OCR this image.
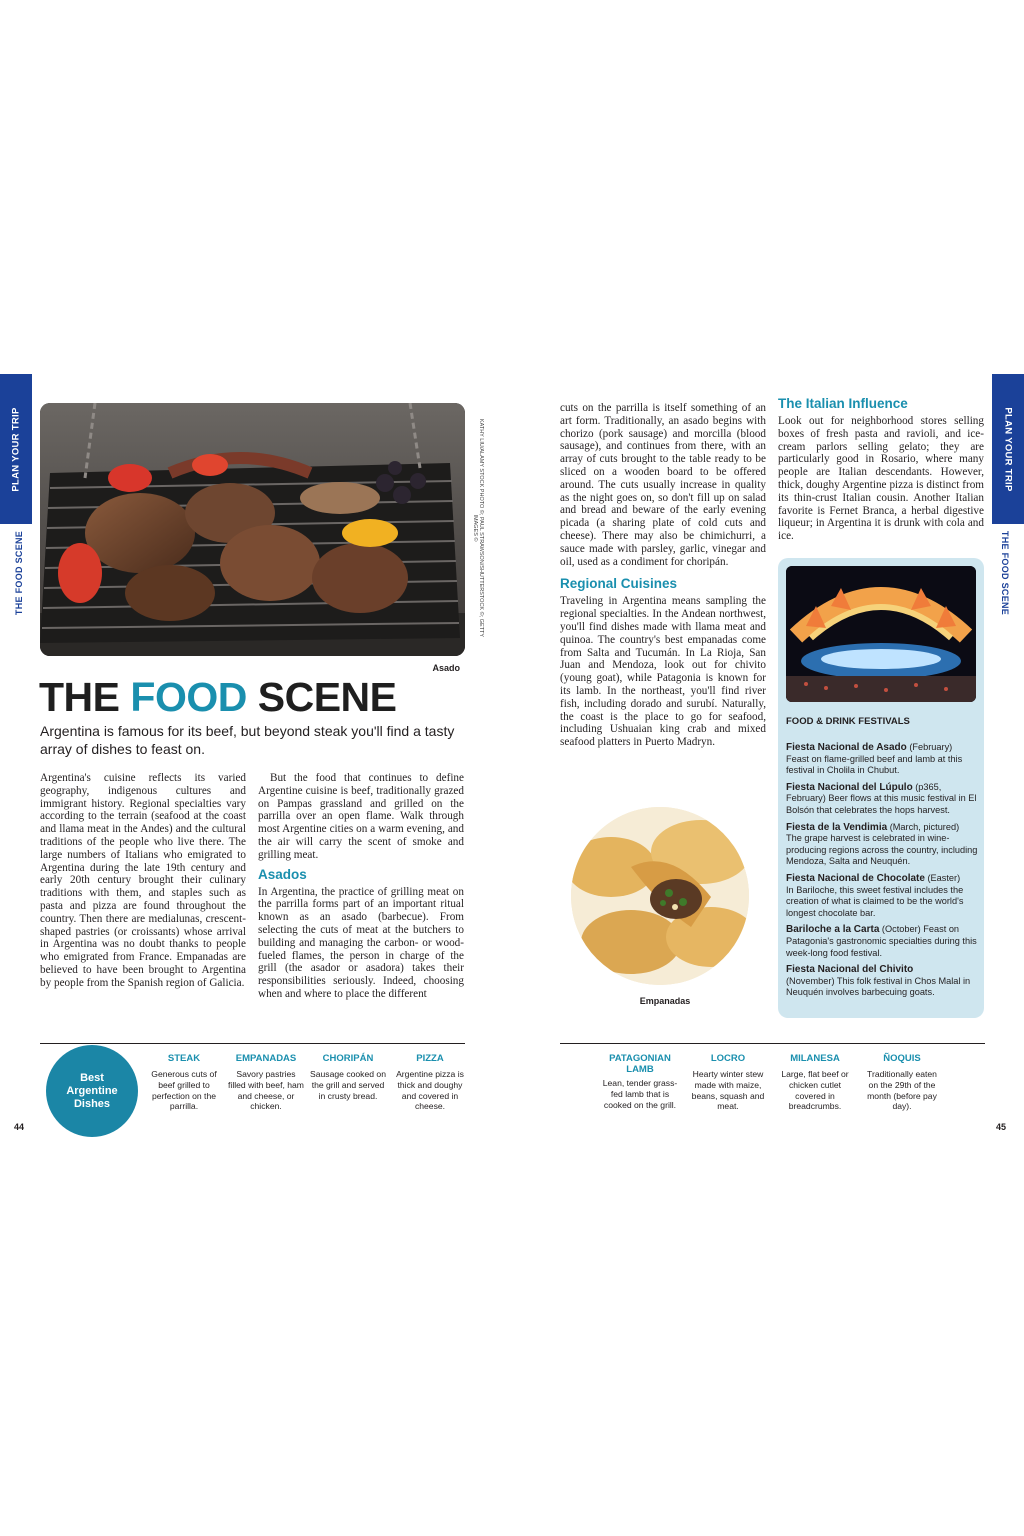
PLAN YOUR TRIP
THE FOOD SCENE	KATHY LIU/ALAMY STOCK PHOTO ©; PAUL STRAWSON/SHUTTERSTOCK ©; GETTY IMAGES ©
Asado
THE FOOD SCENE
Argentina is famous for its beef, but beyond steak you'll find a tasty array of dishes to feast on.

Argentina's cuisine reflects its varied geography, indigenous cultures and immigrant history. Regional specialties vary according to the terrain (seafood at the coast and llama meat in the Andes) and the cultural traditions of the people who live there. The large numbers of Italians who emigrated to Argentina during the late 19th century and early 20th century brought their culinary traditions with them, and staples such as pasta and pizza are found throughout the country. Then there are medialunas, crescent-shaped pastries (or croissants) whose arrival in Argentina was no doubt thanks to people who emigrated from France. Empanadas are believed to have been brought to Argentina by people from the Spanish region of Galicia.

But the food that continues to define Argentine cuisine is beef, traditionally grazed on Pampas grassland and grilled on the parrilla over an open flame. Walk through most Argentine cities on a warm evening, and the air will carry the scent of smoke and grilling meat.

Asados

In Argentina, the practice of grilling meat on the parrilla forms part of an important ritual known as an asado (barbecue). From selecting the cuts of meat at the butchers to building and managing the carbon- or wood-fueled flames, the person in charge of the grill (the asador or asadora) takes their responsibilities seriously. Indeed, choosing when and where to place the different

Best Argentine Dishes
STEAK
Generous cuts of beef grilled to perfection on the parrilla.
EMPANADAS
Savory pastries filled with beef, ham and cheese, or chicken.
CHORIPÁN
Sausage cooked on the grill and served in crusty bread.
PIZZA
Argentine pizza is thick and doughy and covered in cheese.
44

cuts on the parrilla is itself something of an art form. Traditionally, an asado begins with chorizo (pork sausage) and morcilla (blood sausage), and continues from there, with an array of cuts brought to the table ready to be sliced on a wooden board to be offered around. The cuts usually increase in quality as the night goes on, so don't fill up on salad and bread and beware of the early evening picada (a sharing plate of cold cuts and cheese). There may also be chimichurri, a sauce made with parsley, garlic, vinegar and oil, used as a condiment for choripán.

Regional Cuisines

Traveling in Argentina means sampling the regional specialties. In the Andean northwest, you'll find dishes made with llama meat and quinoa. The country's best empanadas come from Salta and Tucumán. In La Rioja, San Juan and Mendoza, look out for chivito (young goat), while Patagonia is known for its lamb. In the northeast, you'll find river fish, including dorado and surubí. Naturally, the coast is the place to go for seafood, including Ushuaian king crab and mixed seafood platters in Puerto Madryn.

The Italian Influence

Look out for neighborhood stores selling boxes of fresh pasta and ravioli, and ice-cream parlors selling gelato; they are particularly good in Rosario, where many people are Italian descendants. However, thick, doughy Argentine pizza is distinct from its thin-crust Italian cousin. Another Italian favorite is Fernet Branca, a herbal digestive liqueur; in Argentina it is drunk with cola and ice.

Empanadas
FOOD & DRINK FESTIVALS

Fiesta Nacional de Asado (February)
Feast on flame-grilled beef and lamb at this festival in Cholila in Chubut.

Fiesta Nacional del Lúpulo (p365, February) Beer flows at this music festival in El Bolsón that celebrates the hops harvest.

Fiesta de la Vendimia (March, pictured)
The grape harvest is celebrated in wine-producing regions across the country, including Mendoza, Salta and Neuquén.

Fiesta Nacional de Chocolate (Easter)
In Bariloche, this sweet festival includes the creation of what is claimed to be the world's longest chocolate bar.

Bariloche a la Carta (October) Feast on Patagonia's gastronomic specialties during this week-long food festival.

Fiesta Nacional del Chivito
(November) This folk festival in Chos Malal in Neuquén involves barbecuing goats.

PLAN YOUR TRIP
THE FOOD SCENE
PATAGONIAN LAMB
Lean, tender grass-fed lamb that is cooked on the grill.
LOCRO
Hearty winter stew made with maize, beans, squash and meat.
MILANESA
Large, flat beef or chicken cutlet covered in breadcrumbs.
ÑOQUIS
Traditionally eaten on the 29th of the month (before pay day).
45
